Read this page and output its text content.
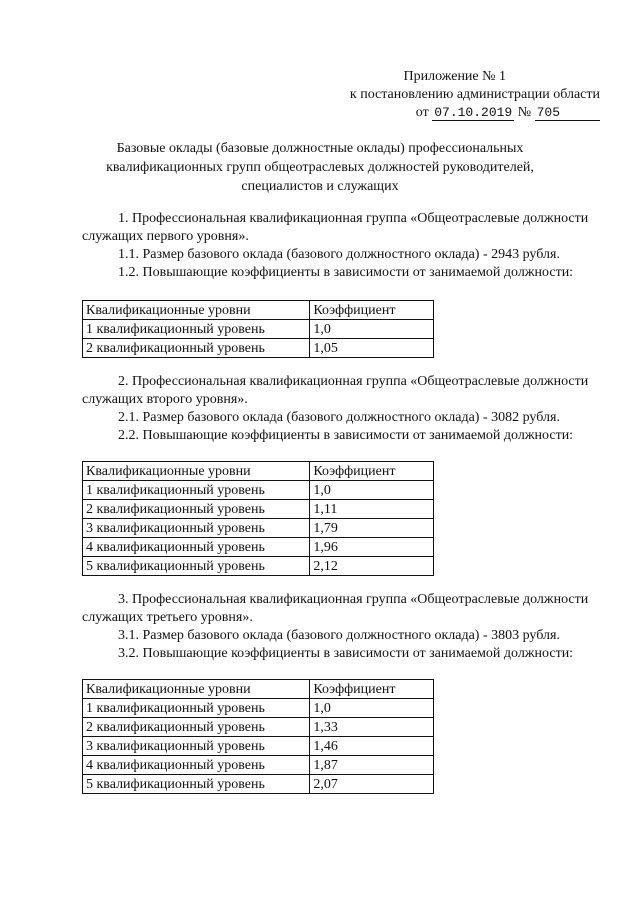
Приложение № 1
к постановлению администрации области
от 07.10.2019 № 705
Базовые оклады (базовые должностные оклады) профессиональных
квалификационных групп общеотраслевых должностей руководителей,
специалистов и служащих
1. Профессиональная квалификационная группа «Общеотраслевые должности
служащих первого уровня».
1.1. Размер базового оклада (базового должностного оклада) - 2943 рубля.
1.2. Повышающие коэффициенты в зависимости от занимаемой должности:
Квалификационные уровни	Коэффициент
1 квалификационный уровень	1,0
2 квалификационный уровень	1,05
2. Профессиональная квалификационная группа «Общеотраслевые должности
служащих второго уровня».
2.1. Размер базового оклада (базового должностного оклада) - 3082 рубля.
2.2. Повышающие коэффициенты в зависимости от занимаемой должности:
Квалификационные уровни	Коэффициент
1 квалификационный уровень	1,0
2 квалификационный уровень	1,11
3 квалификационный уровень	1,79
4 квалификационный уровень	1,96
5 квалификационный уровень	2,12
3. Профессиональная квалификационная группа «Общеотраслевые должности
служащих третьего уровня».
3.1. Размер базового оклада (базового должностного оклада) - 3803 рубля.
3.2. Повышающие коэффициенты в зависимости от занимаемой должности:
Квалификационные уровни	Коэффициент
1 квалификационный уровень	1,0
2 квалификационный уровень	1,33
3 квалификационный уровень	1,46
4 квалификационный уровень	1,87
5 квалификационный уровень	2,07
